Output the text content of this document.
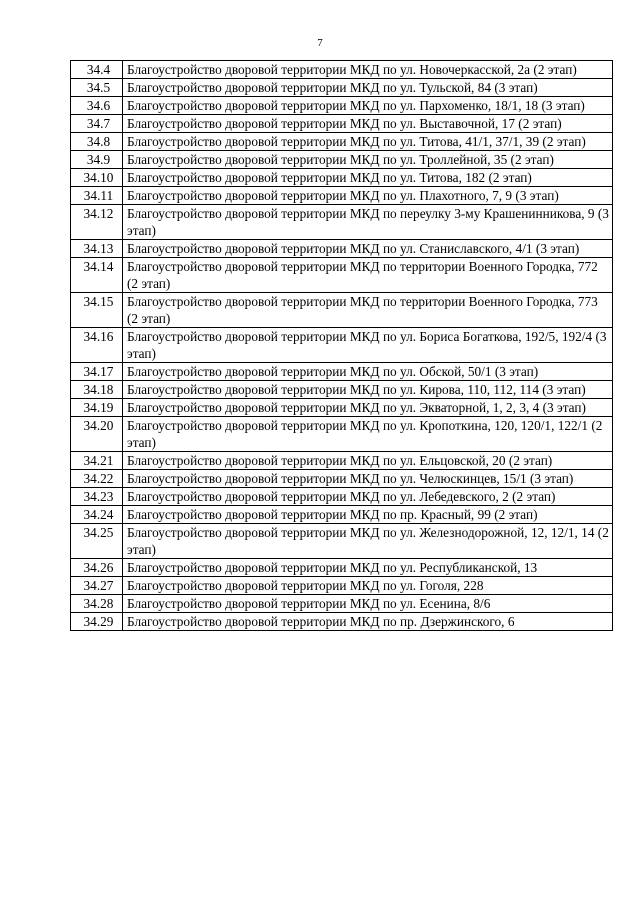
7
34.4	Благоустройство дворовой территории МКД по ул. Новочеркасской, 2а (2 этап)
34.5	Благоустройство дворовой территории МКД по ул. Тульской, 84 (3 этап)
34.6	Благоустройство дворовой территории МКД по ул. Пархоменко, 18/1, 18 (3 этап)
34.7	Благоустройство дворовой территории МКД по ул. Выставочной, 17 (2 этап)
34.8	Благоустройство дворовой территории МКД по ул. Титова, 41/1, 37/1, 39 (2 этап)
34.9	Благоустройство дворовой территории МКД по ул. Троллейной, 35 (2 этап)
34.10	Благоустройство дворовой территории МКД по ул. Титова, 182 (2 этап)
34.11	Благоустройство дворовой территории МКД по ул. Плахотного, 7, 9 (3 этап)
34.12	Благоустройство дворовой территории МКД по переулку 3-му Крашенинникова, 9 (3 этап)
34.13	Благоустройство дворовой территории МКД по ул. Станиславского, 4/1 (3 этап)
34.14	Благоустройство дворовой территории МКД по территории Военного Городка, 772 (2 этап)
34.15	Благоустройство дворовой территории МКД по территории Военного Городка, 773 (2 этап)
34.16	Благоустройство дворовой территории МКД по ул. Бориса Богаткова, 192/5, 192/4 (3 этап)
34.17	Благоустройство дворовой территории МКД по ул. Обской, 50/1 (3 этап)
34.18	Благоустройство дворовой территории МКД по ул. Кирова, 110, 112, 114 (3 этап)
34.19	Благоустройство дворовой территории МКД по ул. Экваторной, 1, 2, 3, 4 (3 этап)
34.20	Благоустройство дворовой территории МКД по ул. Кропоткина, 120, 120/1, 122/1 (2 этап)
34.21	Благоустройство дворовой территории МКД по ул. Ельцовской, 20 (2 этап)
34.22	Благоустройство дворовой территории МКД по ул. Челюскинцев, 15/1 (3 этап)
34.23	Благоустройство дворовой территории МКД по ул. Лебедевского, 2 (2 этап)
34.24	Благоустройство дворовой территории МКД по пр. Красный, 99 (2 этап)
34.25	Благоустройство дворовой территории МКД по ул. Железнодорожной, 12, 12/1, 14 (2 этап)
34.26	Благоустройство дворовой территории МКД по ул. Республиканской, 13
34.27	Благоустройство дворовой территории МКД по ул. Гоголя, 228
34.28	Благоустройство дворовой территории МКД по ул. Есенина, 8/6
34.29	Благоустройство дворовой территории МКД по пр. Дзержинского, 6
